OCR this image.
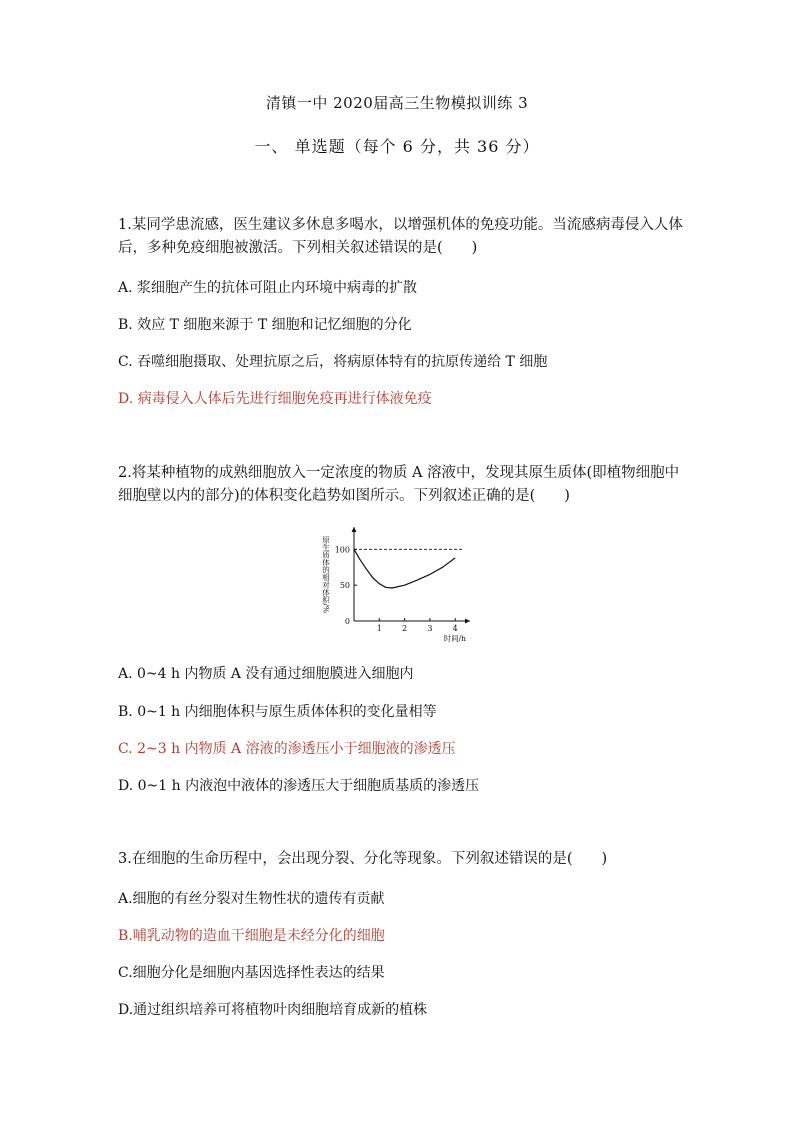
清镇一中 2020届高三生物模拟训练 3
一、 单选题（每个 6 分，共 36 分）
1.某同学患流感，医生建议多休息多喝水，以增强机体的免疫功能。当流感病毒侵入人体后，多种免疫细胞被激活。下列相关叙述错误的是(　　)
A. 浆细胞产生的抗体可阻止内环境中病毒的扩散
B. 效应 T 细胞来源于 T 细胞和记忆细胞的分化
C. 吞噬细胞摄取、处理抗原之后，将病原体特有的抗原传递给 T 细胞
D. 病毒侵入人体后先进行细胞免疫再进行体液免疫
2.将某种植物的成熟细胞放入一定浓度的物质 A 溶液中，发现其原生质体(即植物细胞中细胞壁以内的部分)的体积变化趋势如图所示。下列叙述正确的是(　　)
1	2	3	4
0
50
100
时间/h
原生质体的相对体积/%
A. 0~4 h 内物质 A 没有通过细胞膜进入细胞内
B. 0~1 h 内细胞体积与原生质体体积的变化量相等
C. 2~3 h 内物质 A 溶液的渗透压小于细胞液的渗透压
D. 0~1 h 内液泡中液体的渗透压大于细胞质基质的渗透压
3.在细胞的生命历程中，会出现分裂、分化等现象。下列叙述错误的是(　　)
A.细胞的有丝分裂对生物性状的遗传有贡献
B.哺乳动物的造血干细胞是未经分化的细胞
C.细胞分化是细胞内基因选择性表达的结果
D.通过组织培养可将植物叶肉细胞培育成新的植株
